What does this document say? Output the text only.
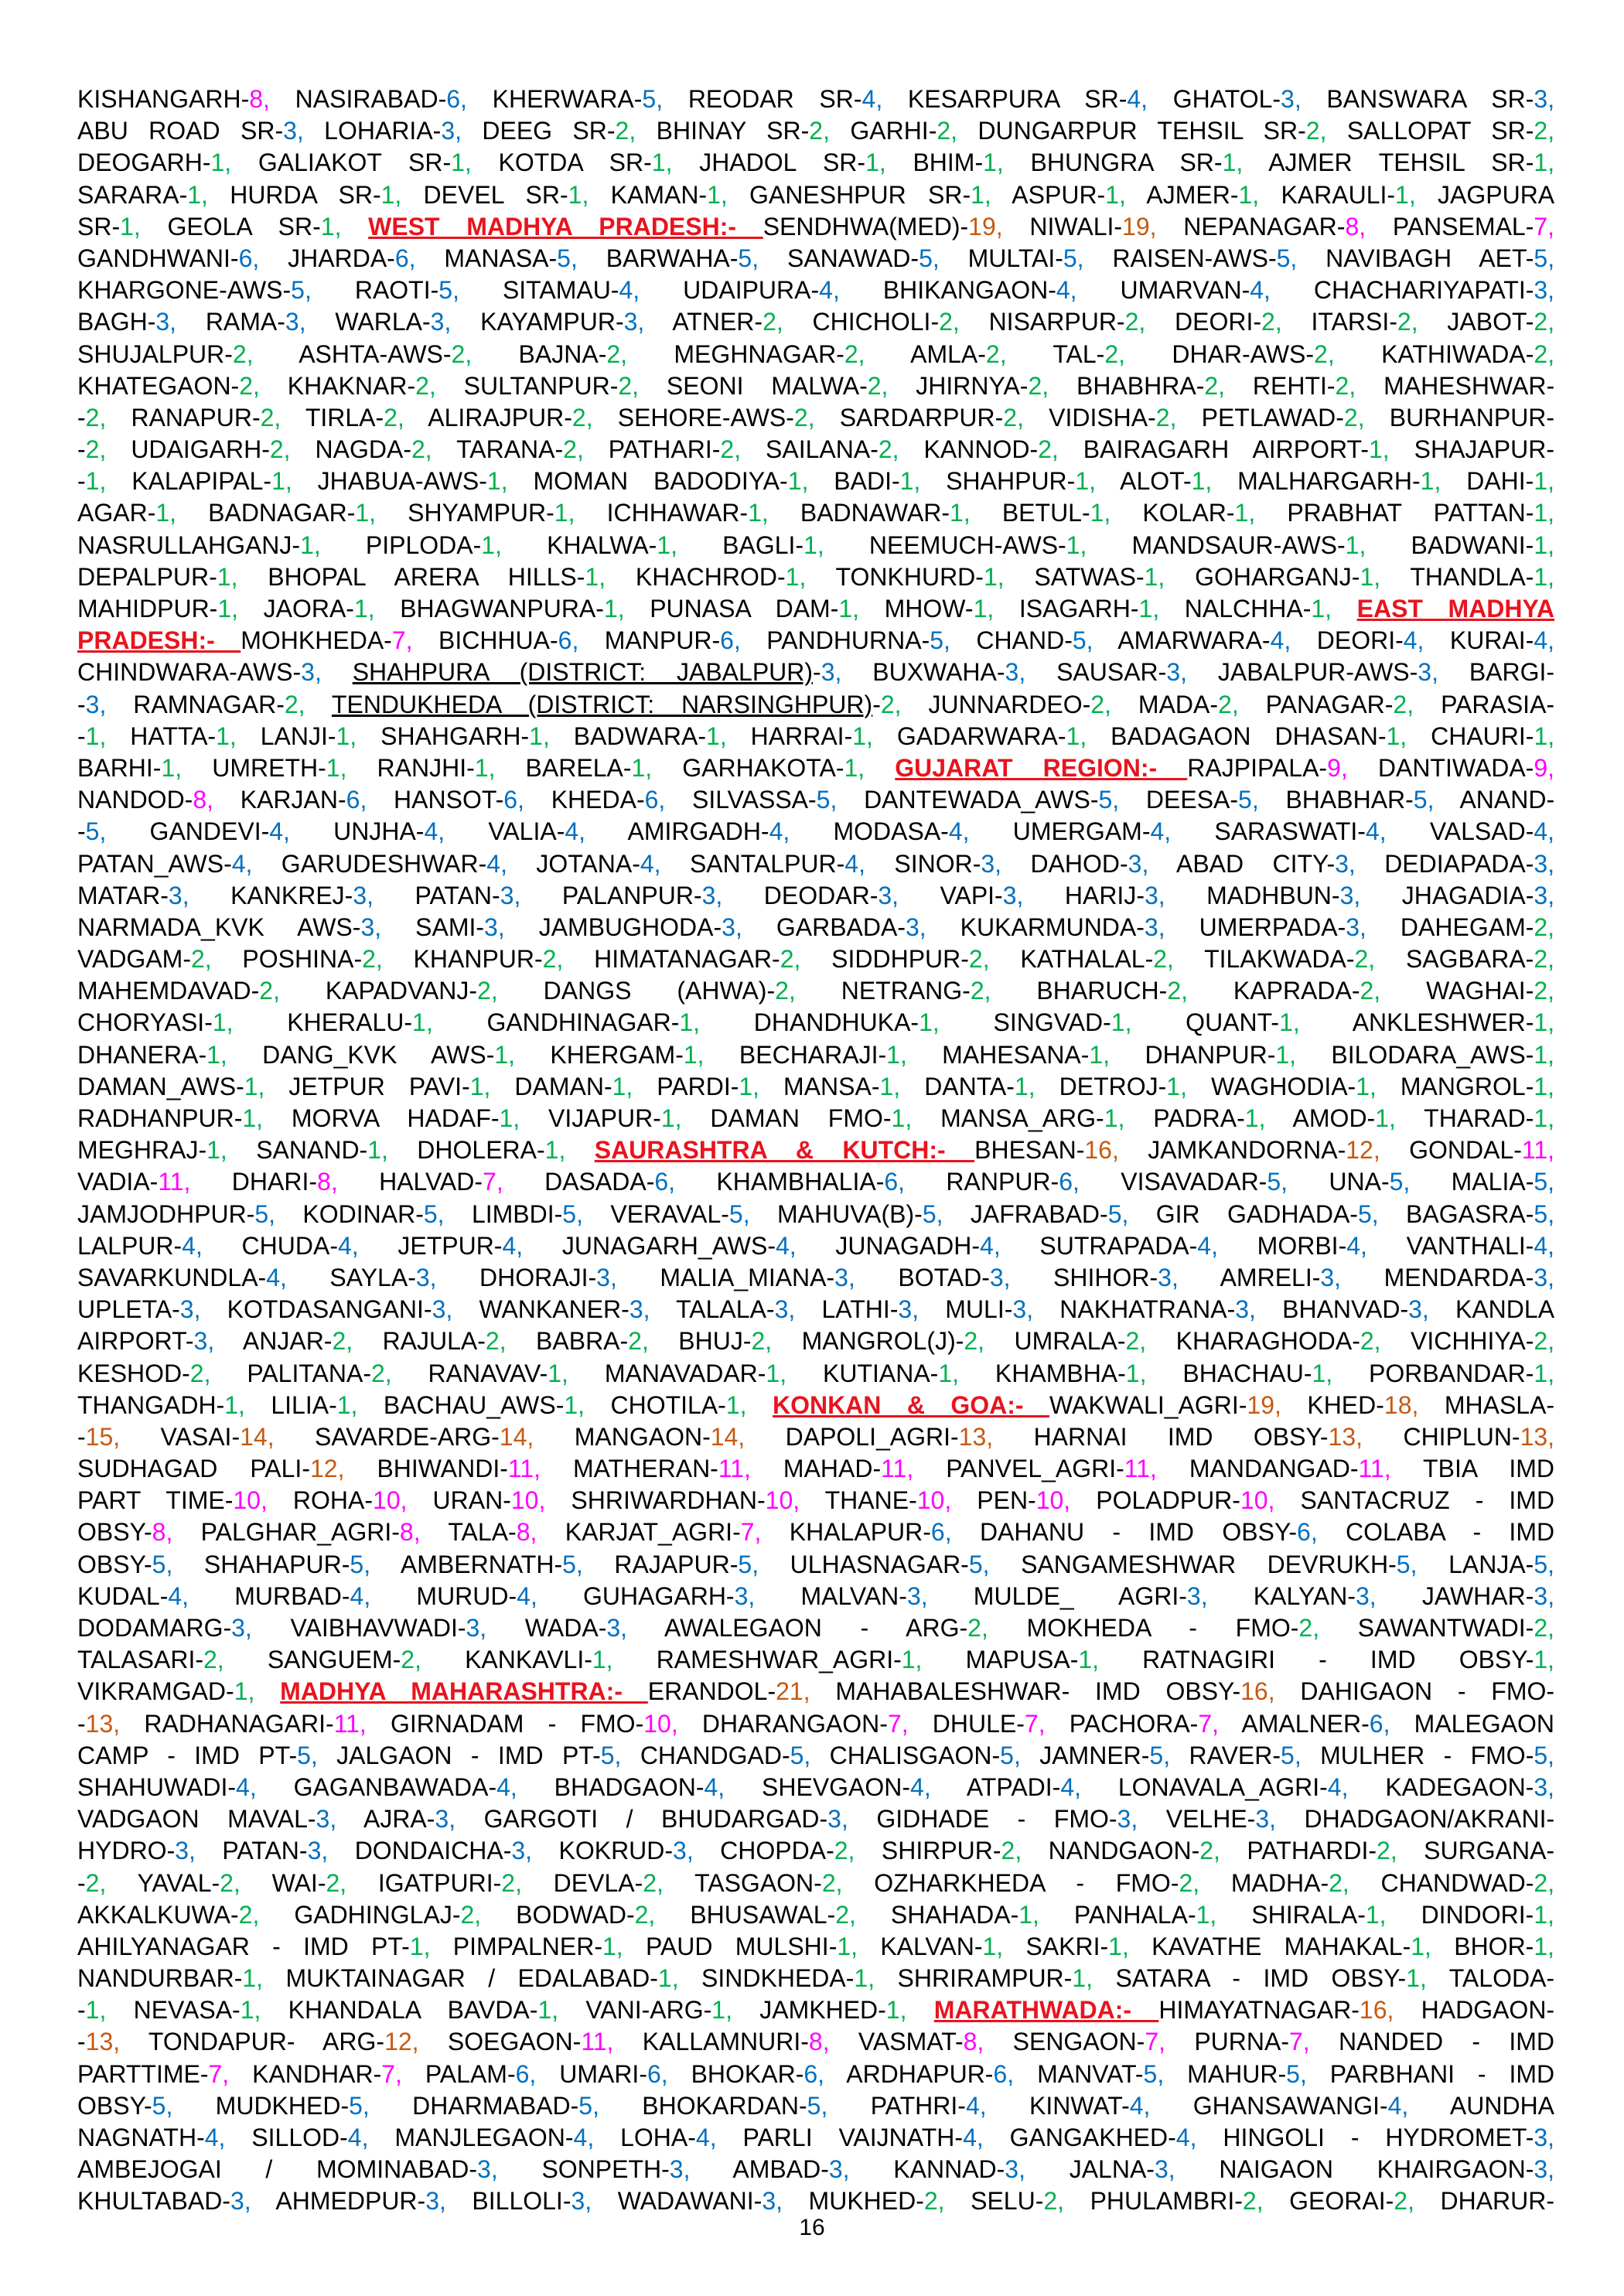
KISHANGARH-8, NASIRABAD-6, KHERWARA-5, REODAR SR-4, KESARPURA SR-4, GHATOL-3, BANSWARA SR-3,
ABU ROAD SR-3, LOHARIA-3, DEEG SR-2, BHINAY SR-2, GARHI-2, DUNGARPUR TEHSIL SR-2, SALLOPAT SR-2,
DEOGARH-1, GALIAKOT SR-1, KOTDA SR-1, JHADOL SR-1, BHIM-1, BHUNGRA SR-1, AJMER TEHSIL SR-1,
SARARA-1, HURDA SR-1, DEVEL SR-1, KAMAN-1, GANESHPUR SR-1, ASPUR-1, AJMER-1, KARAULI-1, JAGPURA
SR-1, GEOLA SR-1, WEST MADHYA PRADESH:- SENDHWA(MED)-19, NIWALI-19, NEPANAGAR-8, PANSEMAL-7,
GANDHWANI-6, JHARDA-6, MANASA-5, BARWAHA-5, SANAWAD-5, MULTAI-5, RAISEN-AWS-5, NAVIBAGH AET-5,
KHARGONE-AWS-5, RAOTI-5, SITAMAU-4, UDAIPURA-4, BHIKANGAON-4, UMARVAN-4, CHACHARIYAPATI-3,
BAGH-3, RAMA-3, WARLA-3, KAYAMPUR-3, ATNER-2, CHICHOLI-2, NISARPUR-2, DEORI-2, ITARSI-2, JABOT-2,
SHUJALPUR-2, ASHTA-AWS-2, BAJNA-2, MEGHNAGAR-2, AMLA-2, TAL-2, DHAR-AWS-2, KATHIWADA-2,
KHATEGAON-2, KHAKNAR-2, SULTANPUR-2, SEONI MALWA-2, JHIRNYA-2, BHABHRA-2, REHTI-2, MAHESHWAR-
-2, RANAPUR-2, TIRLA-2, ALIRAJPUR-2, SEHORE-AWS-2, SARDARPUR-2, VIDISHA-2, PETLAWAD-2, BURHANPUR-
-2, UDAIGARH-2, NAGDA-2, TARANA-2, PATHARI-2, SAILANA-2, KANNOD-2, BAIRAGARH AIRPORT-1, SHAJAPUR-
-1, KALAPIPAL-1, JHABUA-AWS-1, MOMAN BADODIYA-1, BADI-1, SHAHPUR-1, ALOT-1, MALHARGARH-1, DAHI-1,
AGAR-1, BADNAGAR-1, SHYAMPUR-1, ICHHAWAR-1, BADNAWAR-1, BETUL-1, KOLAR-1, PRABHAT PATTAN-1,
NASRULLAHGANJ-1, PIPLODA-1, KHALWA-1, BAGLI-1, NEEMUCH-AWS-1, MANDSAUR-AWS-1, BADWANI-1,
DEPALPUR-1, BHOPAL ARERA HILLS-1, KHACHROD-1, TONKHURD-1, SATWAS-1, GOHARGANJ-1, THANDLA-1,
MAHIDPUR-1, JAORA-1, BHAGWANPURA-1, PUNASA DAM-1, MHOW-1, ISAGARH-1, NALCHHA-1, EAST MADHYA
PRADESH:- MOHKHEDA-7, BICHHUA-6, MANPUR-6, PANDHURNA-5, CHAND-5, AMARWARA-4, DEORI-4, KURAI-4,
CHINDWARA-AWS-3, SHAHPURA (DISTRICT: JABALPUR)-3, BUXWAHA-3, SAUSAR-3, JABALPUR-AWS-3, BARGI-
-3, RAMNAGAR-2, TENDUKHEDA (DISTRICT: NARSINGHPUR)-2, JUNNARDEO-2, MADA-2, PANAGAR-2, PARASIA-
-1, HATTA-1, LANJI-1, SHAHGARH-1, BADWARA-1, HARRAI-1, GADARWARA-1, BADAGAON DHASAN-1, CHAURI-1,
BARHI-1, UMRETH-1, RANJHI-1, BARELA-1, GARHAKOTA-1, GUJARAT REGION:- RAJPIPALA-9, DANTIWADA-9,
NANDOD-8, KARJAN-6, HANSOT-6, KHEDA-6, SILVASSA-5, DANTEWADA_AWS-5, DEESA-5, BHABHAR-5, ANAND-
-5, GANDEVI-4, UNJHA-4, VALIA-4, AMIRGADH-4, MODASA-4, UMERGAM-4, SARASWATI-4, VALSAD-4,
PATAN_AWS-4, GARUDESHWAR-4, JOTANA-4, SANTALPUR-4, SINOR-3, DAHOD-3, ABAD CITY-3, DEDIAPADA-3,
MATAR-3, KANKREJ-3, PATAN-3, PALANPUR-3, DEODAR-3, VAPI-3, HARIJ-3, MADHBUN-3, JHAGADIA-3,
NARMADA_KVK AWS-3, SAMI-3, JAMBUGHODA-3, GARBADA-3, KUKARMUNDA-3, UMERPADA-3, DAHEGAM-2,
VADGAM-2, POSHINA-2, KHANPUR-2, HIMATANAGAR-2, SIDDHPUR-2, KATHALAL-2, TILAKWADA-2, SAGBARA-2,
MAHEMDAVAD-2, KAPADVANJ-2, DANGS (AHWA)-2, NETRANG-2, BHARUCH-2, KAPRADA-2, WAGHAI-2,
CHORYASI-1, KHERALU-1, GANDHINAGAR-1, DHANDHUKA-1, SINGVAD-1, QUANT-1, ANKLESHWER-1,
DHANERA-1, DANG_KVK AWS-1, KHERGAM-1, BECHARAJI-1, MAHESANA-1, DHANPUR-1, BILODARA_AWS-1,
DAMAN_AWS-1, JETPUR PAVI-1, DAMAN-1, PARDI-1, MANSA-1, DANTA-1, DETROJ-1, WAGHODIA-1, MANGROL-1,
RADHANPUR-1, MORVA HADAF-1, VIJAPUR-1, DAMAN FMO-1, MANSA_ARG-1, PADRA-1, AMOD-1, THARAD-1,
MEGHRAJ-1, SANAND-1, DHOLERA-1, SAURASHTRA & KUTCH:- BHESAN-16, JAMKANDORNA-12, GONDAL-11,
VADIA-11, DHARI-8, HALVAD-7, DASADA-6, KHAMBHALIA-6, RANPUR-6, VISAVADAR-5, UNA-5, MALIA-5,
JAMJODHPUR-5, KODINAR-5, LIMBDI-5, VERAVAL-5, MAHUVA(B)-5, JAFRABAD-5, GIR GADHADA-5, BAGASRA-5,
LALPUR-4, CHUDA-4, JETPUR-4, JUNAGARH_AWS-4, JUNAGADH-4, SUTRAPADA-4, MORBI-4, VANTHALI-4,
SAVARKUNDLA-4, SAYLA-3, DHORAJI-3, MALIA_MIANA-3, BOTAD-3, SHIHOR-3, AMRELI-3, MENDARDA-3,
UPLETA-3, KOTDASANGANI-3, WANKANER-3, TALALA-3, LATHI-3, MULI-3, NAKHATRANA-3, BHANVAD-3, KANDLA
AIRPORT-3, ANJAR-2, RAJULA-2, BABRA-2, BHUJ-2, MANGROL(J)-2, UMRALA-2, KHARAGHODA-2, VICHHIYA-2,
KESHOD-2, PALITANA-2, RANAVAV-1, MANAVADAR-1, KUTIANA-1, KHAMBHA-1, BHACHAU-1, PORBANDAR-1,
THANGADH-1, LILIA-1, BACHAU_AWS-1, CHOTILA-1, KONKAN & GOA:- WAKWALI_AGRI-19, KHED-18, MHASLA-
-15, VASAI-14, SAVARDE-ARG-14, MANGAON-14, DAPOLI_AGRI-13, HARNAI IMD OBSY-13, CHIPLUN-13,
SUDHAGAD PALI-12, BHIWANDI-11, MATHERAN-11, MAHAD-11, PANVEL_AGRI-11, MANDANGAD-11, TBIA IMD
PART TIME-10, ROHA-10, URAN-10, SHRIWARDHAN-10, THANE-10, PEN-10, POLADPUR-10, SANTACRUZ - IMD
OBSY-8, PALGHAR_AGRI-8, TALA-8, KARJAT_AGRI-7, KHALAPUR-6, DAHANU - IMD OBSY-6, COLABA - IMD
OBSY-5, SHAHAPUR-5, AMBERNATH-5, RAJAPUR-5, ULHASNAGAR-5, SANGAMESHWAR DEVRUKH-5, LANJA-5,
KUDAL-4, MURBAD-4, MURUD-4, GUHAGARH-3, MALVAN-3, MULDE_ AGRI-3, KALYAN-3, JAWHAR-3,
DODAMARG-3, VAIBHAVWADI-3, WADA-3, AWALEGAON - ARG-2, MOKHEDA - FMO-2, SAWANTWADI-2,
TALASARI-2, SANGUEM-2, KANKAVLI-1, RAMESHWAR_AGRI-1, MAPUSA-1, RATNAGIRI - IMD OBSY-1,
VIKRAMGAD-1, MADHYA MAHARASHTRA:- ERANDOL-21, MAHABALESHWAR- IMD OBSY-16, DAHIGAON - FMO-
-13, RADHANAGARI-11, GIRNADAM - FMO-10, DHARANGAON-7, DHULE-7, PACHORA-7, AMALNER-6, MALEGAON
CAMP - IMD PT-5, JALGAON - IMD PT-5, CHANDGAD-5, CHALISGAON-5, JAMNER-5, RAVER-5, MULHER - FMO-5,
SHAHUWADI-4, GAGANBAWADA-4, BHADGAON-4, SHEVGAON-4, ATPADI-4, LONAVALA_AGRI-4, KADEGAON-3,
VADGAON MAVAL-3, AJRA-3, GARGOTI / BHUDARGAD-3, GIDHADE - FMO-3, VELHE-3, DHADGAON/AKRANI-
HYDRO-3, PATAN-3, DONDAICHA-3, KOKRUD-3, CHOPDA-2, SHIRPUR-2, NANDGAON-2, PATHARDI-2, SURGANA-
-2, YAVAL-2, WAI-2, IGATPURI-2, DEVLA-2, TASGAON-2, OZHARKHEDA - FMO-2, MADHA-2, CHANDWAD-2,
AKKALKUWA-2, GADHINGLAJ-2, BODWAD-2, BHUSAWAL-2, SHAHADA-1, PANHALA-1, SHIRALA-1, DINDORI-1,
AHILYANAGAR - IMD PT-1, PIMPALNER-1, PAUD MULSHI-1, KALVAN-1, SAKRI-1, KAVATHE MAHAKAL-1, BHOR-1,
NANDURBAR-1, MUKTAINAGAR / EDALABAD-1, SINDKHEDA-1, SHRIRAMPUR-1, SATARA - IMD OBSY-1, TALODA-
-1, NEVASA-1, KHANDALA BAVDA-1, VANI-ARG-1, JAMKHED-1, MARATHWADA:- HIMAYATNAGAR-16, HADGAON-
-13, TONDAPUR- ARG-12, SOEGAON-11, KALLAMNURI-8, VASMAT-8, SENGAON-7, PURNA-7, NANDED - IMD
PARTTIME-7, KANDHAR-7, PALAM-6, UMARI-6, BHOKAR-6, ARDHAPUR-6, MANVAT-5, MAHUR-5, PARBHANI - IMD
OBSY-5, MUDKHED-5, DHARMABAD-5, BHOKARDAN-5, PATHRI-4, KINWAT-4, GHANSAWANGI-4, AUNDHA
NAGNATH-4, SILLOD-4, MANJLEGAON-4, LOHA-4, PARLI VAIJNATH-4, GANGAKHED-4, HINGOLI - HYDROMET-3,
AMBEJOGAI / MOMINABAD-3, SONPETH-3, AMBAD-3, KANNAD-3, JALNA-3, NAIGAON KHAIRGAON-3,
KHULTABAD-3, AHMEDPUR-3, BILLOLI-3, WADAWANI-3, MUKHED-2, SELU-2, PHULAMBRI-2, GEORAI-2, DHARUR-
16
